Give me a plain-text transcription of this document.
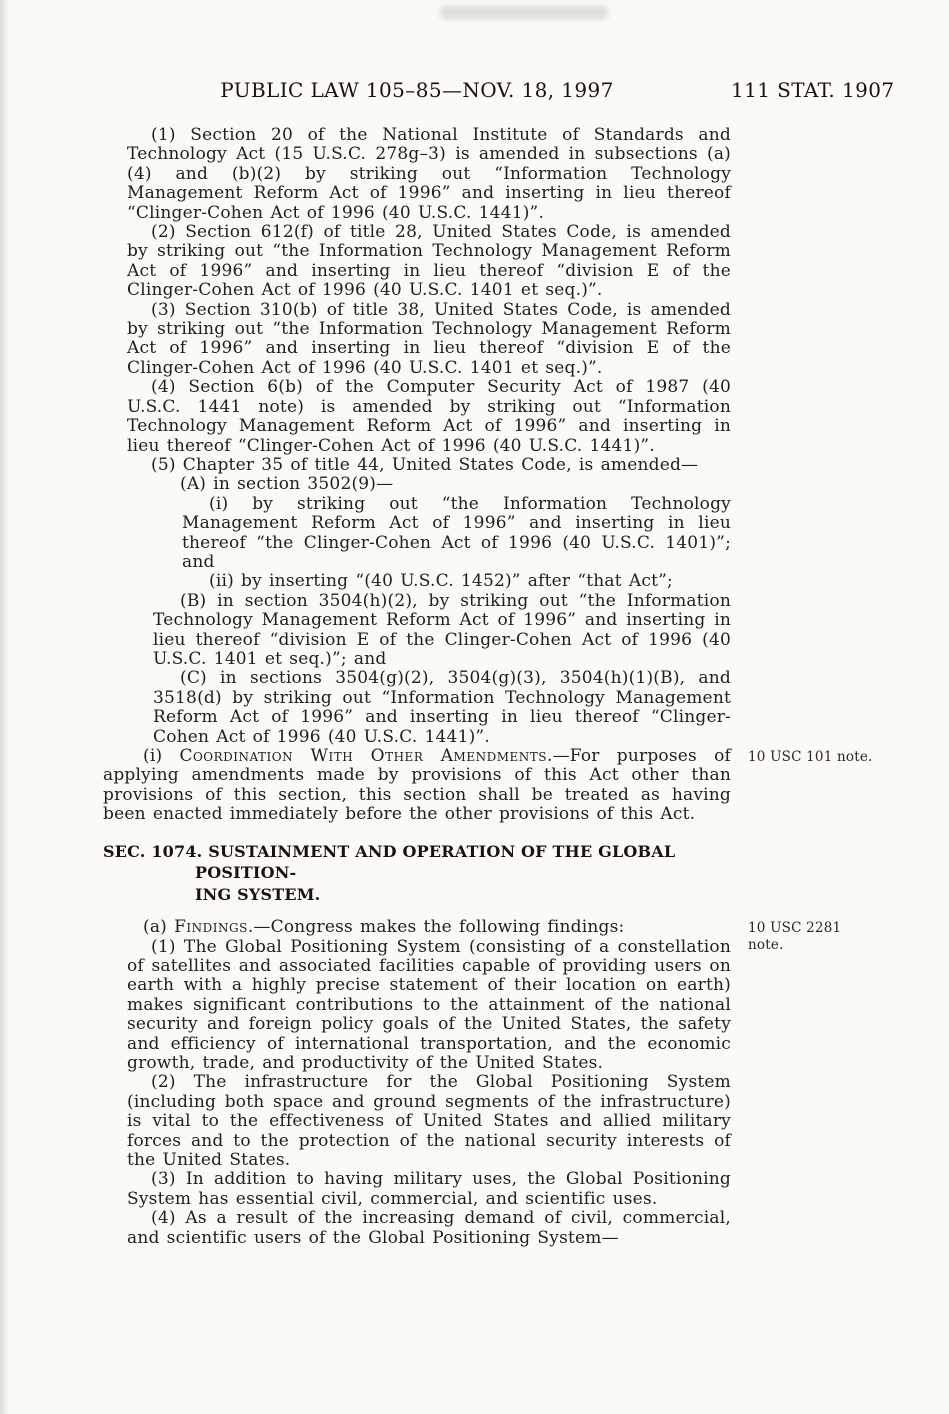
PUBLIC LAW 105–85—NOV. 18, 1997	111 STAT. 1907

(1) Section 20 of the National Institute of Standards and Technology Act (15 U.S.C. 278g–3) is amended in subsections (a)(4) and (b)(2) by striking out “Information Technology Management Reform Act of 1996” and inserting in lieu thereof “Clinger-Cohen Act of 1996 (40 U.S.C. 1441)”.

(2) Section 612(f) of title 28, United States Code, is amended by striking out “the Information Technology Management Reform Act of 1996” and inserting in lieu thereof “division E of the Clinger-Cohen Act of 1996 (40 U.S.C. 1401 et seq.)”.

(3) Section 310(b) of title 38, United States Code, is amended by striking out “the Information Technology Management Reform Act of 1996” and inserting in lieu thereof “division E of the Clinger-Cohen Act of 1996 (40 U.S.C. 1401 et seq.)”.

(4) Section 6(b) of the Computer Security Act of 1987 (40 U.S.C. 1441 note) is amended by striking out “Information Technology Management Reform Act of 1996” and inserting in lieu thereof “Clinger-Cohen Act of 1996 (40 U.S.C. 1441)”.

(5) Chapter 35 of title 44, United States Code, is amended—

(A) in section 3502(9)—

(i) by striking out “the Information Technology Management Reform Act of 1996” and inserting in lieu thereof “the Clinger-Cohen Act of 1996 (40 U.S.C. 1401)”; and

(ii) by inserting “(40 U.S.C. 1452)” after “that Act”;

(B) in section 3504(h)(2), by striking out “the Information Technology Management Reform Act of 1996” and inserting in lieu thereof “division E of the Clinger-Cohen Act of 1996 (40 U.S.C. 1401 et seq.)”; and

(C) in sections 3504(g)(2), 3504(g)(3), 3504(h)(1)(B), and 3518(d) by striking out “Information Technology Management Reform Act of 1996” and inserting in lieu thereof “Clinger-Cohen Act of 1996 (40 U.S.C. 1441)”.

(i) Coordination With Other Amendments.—For purposes of applying amendments made by provisions of this Act other than provisions of this section, this section shall be treated as having been enacted immediately before the other provisions of this Act.
10 USC 101 note.

SEC. 1074. SUSTAINMENT AND OPERATION OF THE GLOBAL POSITION-
ING SYSTEM.

(a) Findings.—Congress makes the following findings:	10 USC 2281
note.

(1) The Global Positioning System (consisting of a constellation of satellites and associated facilities capable of providing users on earth with a highly precise statement of their location on earth) makes significant contributions to the attainment of the national security and foreign policy goals of the United States, the safety and efficiency of international transportation, and the economic growth, trade, and productivity of the United States.

(2) The infrastructure for the Global Positioning System (including both space and ground segments of the infrastructure) is vital to the effectiveness of United States and allied military forces and to the protection of the national security interests of the United States.

(3) In addition to having military uses, the Global Positioning System has essential civil, commercial, and scientific uses.

(4) As a result of the increasing demand of civil, commercial, and scientific users of the Global Positioning System—
